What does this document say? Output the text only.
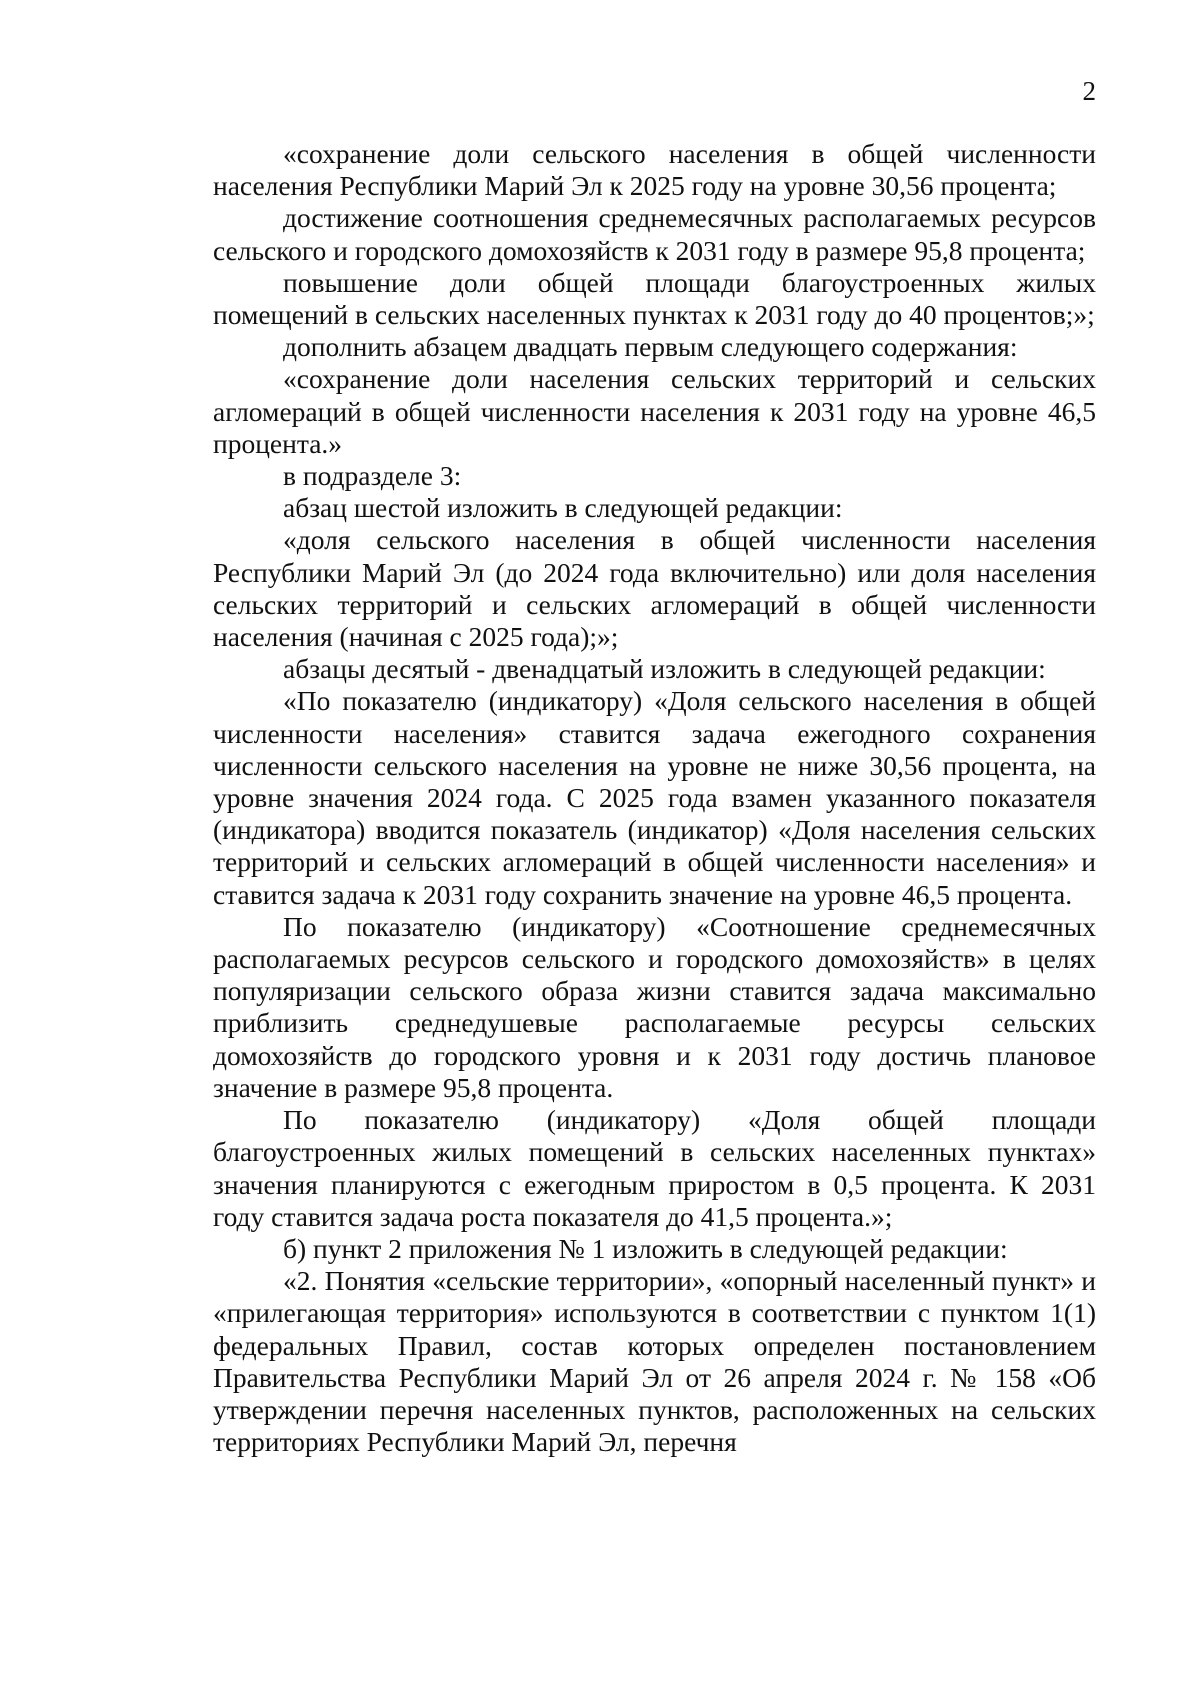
2

«сохранение доли сельского населения в общей численности населения Республики Марий Эл к 2025 году на уровне 30,56 процента;

достижение соотношения среднемесячных располагаемых ресурсов сельского и городского домохозяйств к 2031 году в размере 95,8 процента;

повышение доли общей площади благоустроенных жилых помещений в сельских населенных пунктах к 2031 году до 40 процентов;»;

дополнить абзацем двадцать первым следующего содержания:

«сохранение доли населения сельских территорий и сельских агломераций в общей численности населения к 2031 году на уровне 46,5 процента.»

в подразделе 3:

абзац шестой изложить в следующей редакции:

«доля сельского населения в общей численности населения Республики Марий Эл (до 2024 года включительно) или доля населения сельских территорий и сельских агломераций в общей численности населения (начиная с 2025 года);»;

абзацы десятый - двенадцатый изложить в следующей редакции:

«По показателю (индикатору) «Доля сельского населения в общей численности населения» ставится задача ежегодного сохранения численности сельского населения на уровне не ниже 30,56 процента, на уровне значения 2024 года. С 2025 года взамен указанного показателя (индикатора) вводится показатель (индикатор) «Доля населения сельских территорий и сельских агломераций в общей численности населения» и ставится задача к 2031 году сохранить значение на уровне 46,5 процента.

По показателю (индикатору) «Соотношение среднемесячных располагаемых ресурсов сельского и городского домохозяйств» в целях популяризации сельского образа жизни ставится задача максимально приблизить среднедушевые располагаемые ресурсы сельских домохозяйств до городского уровня и к 2031 году достичь плановое значение в размере 95,8 процента.

По показателю (индикатору) «Доля общей площади благоустроенных жилых помещений в сельских населенных пунктах» значения планируются с ежегодным приростом в 0,5 процента. К 2031 году ставится задача роста показателя до 41,5 процента.»;

б) пункт 2 приложения № 1 изложить в следующей редакции:

«2. Понятия «сельские территории», «опорный населенный пункт» и «прилегающая территория» используются в соответствии с пунктом 1(1) федеральных Правил, состав которых определен постановлением Правительства Республики Марий Эл от 26 апреля 2024 г. № 158 «Об утверждении перечня населенных пунктов, расположенных на сельских территориях Республики Марий Эл, перечня
